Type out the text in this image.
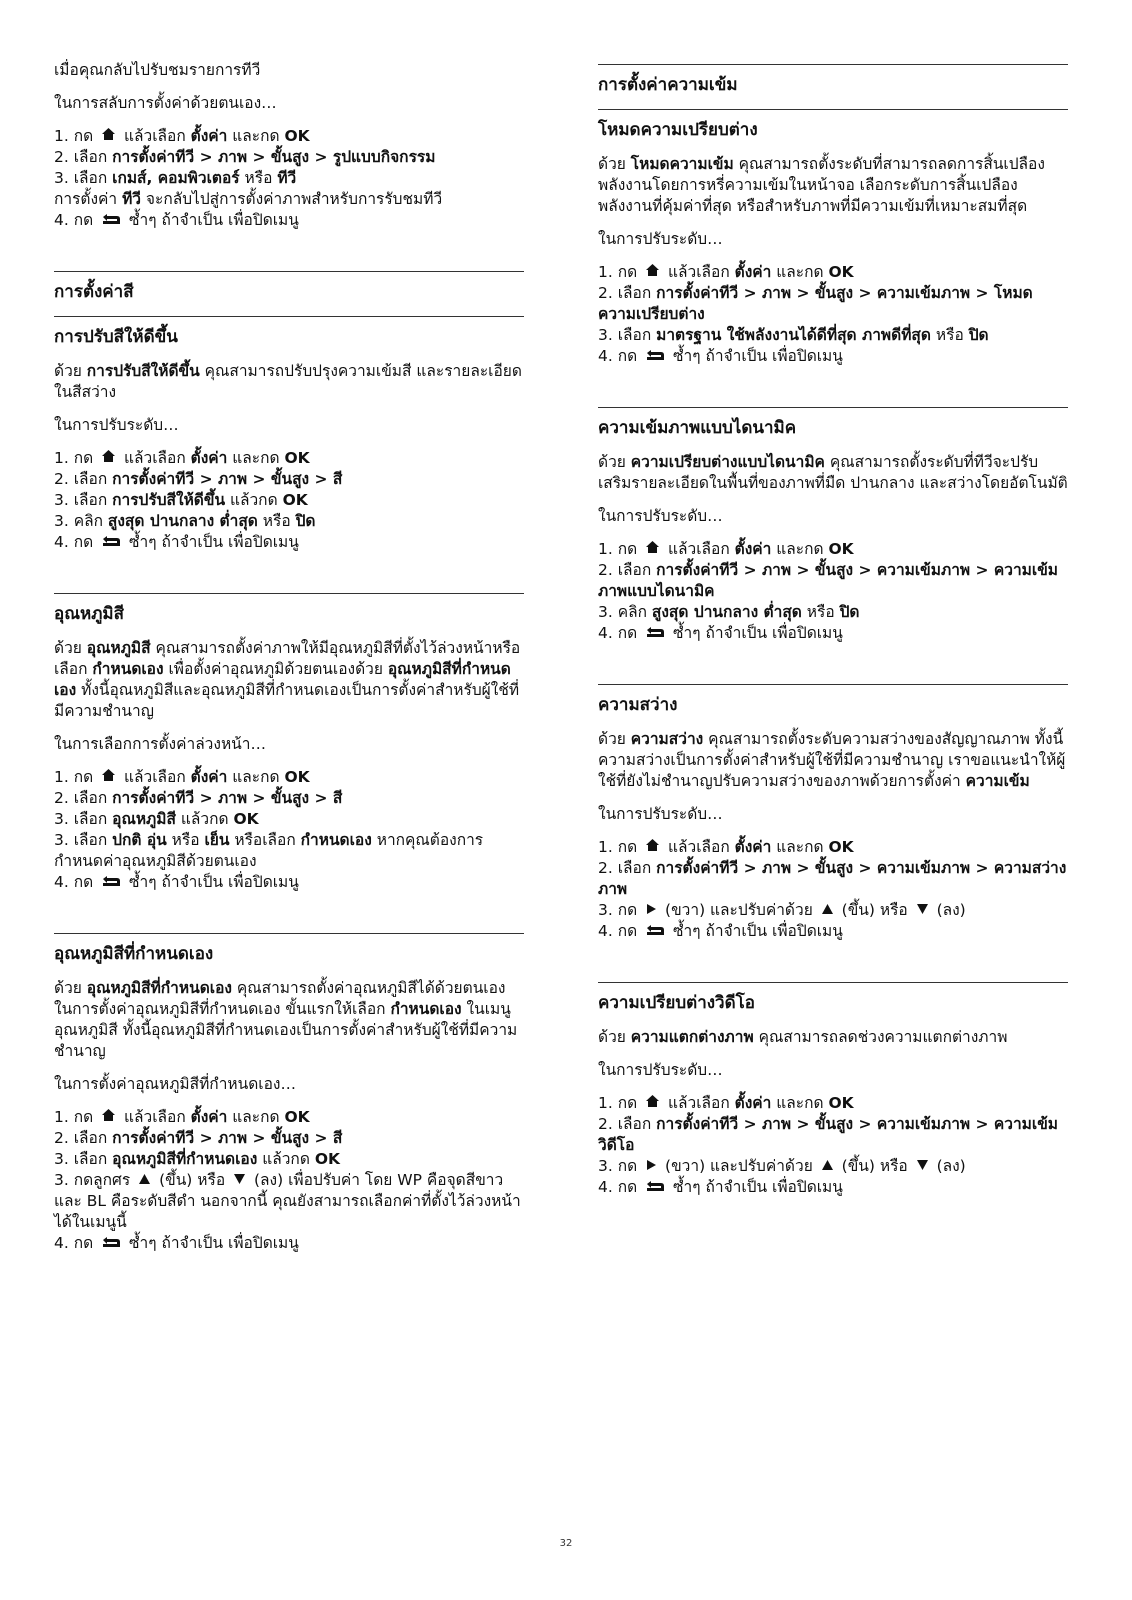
เมื่อคุณกลับไปรับชมรายการทีวี

ในการสลับการตั้งค่าด้วยตนเอง…

1. กด  แล้วเลือก ตั้งค่า และกด OK
2. เลือก การตั้งค่าทีวี > ภาพ > ขั้นสูง > รูปแบบกิจกรรม
3. เลือก เกมส์, คอมพิวเตอร์ หรือ ทีวี
การตั้งค่า ทีวี จะกลับไปสู่การตั้งค่าภาพสำหรับการรับชมทีวี
4. กด  ซ้ำๆ ถ้าจำเป็น เพื่อปิดเมนู
การตั้งค่าสี
การปรับสีให้ดีขึ้น

ด้วย การปรับสีให้ดีขึ้น คุณสามารถปรับปรุงความเข้มสี และรายละเอียดในสีสว่าง

ในการปรับระดับ…

1. กด  แล้วเลือก ตั้งค่า และกด OK
2. เลือก การตั้งค่าทีวี > ภาพ > ขั้นสูง > สี
3. เลือก การปรับสีให้ดีขึ้น แล้วกด OK
3. คลิก สูงสุด ปานกลาง ต่ำสุด หรือ ปิด
4. กด  ซ้ำๆ ถ้าจำเป็น เพื่อปิดเมนู
อุณหภูมิสี

ด้วย อุณหภูมิสี คุณสามารถตั้งค่าภาพให้มีอุณหภูมิสีที่ตั้งไว้ล่วงหน้าหรือเลือก กำหนดเอง เพื่อตั้งค่าอุณหภูมิด้วยตนเองด้วย อุณหภูมิสีที่กำหนดเอง ทั้งนี้อุณหภูมิสีและอุณหภูมิสีที่กำหนดเองเป็นการตั้งค่าสำหรับผู้ใช้ที่มีความชำนาญ

ในการเลือกการตั้งค่าล่วงหน้า…

1. กด  แล้วเลือก ตั้งค่า และกด OK
2. เลือก การตั้งค่าทีวี > ภาพ > ขั้นสูง > สี
3. เลือก อุณหภูมิสี แล้วกด OK
3. เลือก ปกติ อุ่น หรือ เย็น หรือเลือก กำหนดเอง หากคุณต้องการกำหนดค่าอุณหภูมิสีด้วยตนเอง
4. กด  ซ้ำๆ ถ้าจำเป็น เพื่อปิดเมนู
อุณหภูมิสีที่กำหนดเอง

ด้วย อุณหภูมิสีที่กำหนดเอง คุณสามารถตั้งค่าอุณหภูมิสีได้ด้วยตนเอง ในการตั้งค่าอุณหภูมิสีที่กำหนดเอง ขั้นแรกให้เลือก กำหนดเอง ในเมนูอุณหภูมิสี ทั้งนี้อุณหภูมิสีที่กำหนดเองเป็นการตั้งค่าสำหรับผู้ใช้ที่มีความชำนาญ

ในการตั้งค่าอุณหภูมิสีที่กำหนดเอง…

1. กด  แล้วเลือก ตั้งค่า และกด OK
2. เลือก การตั้งค่าทีวี > ภาพ > ขั้นสูง > สี
3. เลือก อุณหภูมิสีที่กำหนดเอง แล้วกด OK
3. กดลูกศร  (ขึ้น) หรือ  (ลง) เพื่อปรับค่า โดย WP คือจุดสีขาวและ BL คือระดับสีดำ นอกจากนี้ คุณยังสามารถเลือกค่าที่ตั้งไว้ล่วงหน้าได้ในเมนูนี้
4. กด  ซ้ำๆ ถ้าจำเป็น เพื่อปิดเมนู
การตั้งค่าความเข้ม
โหมดความเปรียบต่าง

ด้วย โหมดความเข้ม คุณสามารถตั้งระดับที่สามารถลดการสิ้นเปลืองพลังงานโดยการหรี่ความเข้มในหน้าจอ เลือกระดับการสิ้นเปลืองพลังงานที่คุ้มค่าที่สุด หรือสำหรับภาพที่มีความเข้มที่เหมาะสมที่สุด

ในการปรับระดับ…

1. กด  แล้วเลือก ตั้งค่า และกด OK
2. เลือก การตั้งค่าทีวี > ภาพ > ขั้นสูง > ความเข้มภาพ > โหมดความเปรียบต่าง
3. เลือก มาตรฐาน ใช้พลังงานได้ดีที่สุด ภาพดีที่สุด หรือ ปิด
4. กด  ซ้ำๆ ถ้าจำเป็น เพื่อปิดเมนู
ความเข้มภาพแบบไดนามิค

ด้วย ความเปรียบต่างแบบไดนามิค คุณสามารถตั้งระดับที่ทีวีจะปรับเสริมรายละเอียดในพื้นที่ของภาพที่มืด ปานกลาง และสว่างโดยอัตโนมัติ

ในการปรับระดับ…

1. กด  แล้วเลือก ตั้งค่า และกด OK
2. เลือก การตั้งค่าทีวี > ภาพ > ขั้นสูง > ความเข้มภาพ > ความเข้มภาพแบบไดนามิค
3. คลิก สูงสุด ปานกลาง ต่ำสุด หรือ ปิด
4. กด  ซ้ำๆ ถ้าจำเป็น เพื่อปิดเมนู
ความสว่าง

ด้วย ความสว่าง คุณสามารถตั้งระดับความสว่างของสัญญาณภาพ ทั้งนี้ ความสว่างเป็นการตั้งค่าสำหรับผู้ใช้ที่มีความชำนาญ เราขอแนะนำให้ผู้ใช้ที่ยังไม่ชำนาญปรับความสว่างของภาพด้วยการตั้งค่า ความเข้ม

ในการปรับระดับ…

1. กด  แล้วเลือก ตั้งค่า และกด OK
2. เลือก การตั้งค่าทีวี > ภาพ > ขั้นสูง > ความเข้มภาพ > ความสว่างภาพ
3. กด  (ขวา) และปรับค่าด้วย  (ขึ้น) หรือ  (ลง)
4. กด  ซ้ำๆ ถ้าจำเป็น เพื่อปิดเมนู
ความเปรียบต่างวิดีโอ

ด้วย ความแตกต่างภาพ คุณสามารถลดช่วงความแตกต่างภาพ

ในการปรับระดับ…

1. กด  แล้วเลือก ตั้งค่า และกด OK
2. เลือก การตั้งค่าทีวี > ภาพ > ขั้นสูง > ความเข้มภาพ > ความเข้มวิดีโอ
3. กด  (ขวา) และปรับค่าด้วย  (ขึ้น) หรือ  (ลง)
4. กด  ซ้ำๆ ถ้าจำเป็น เพื่อปิดเมนู
32
